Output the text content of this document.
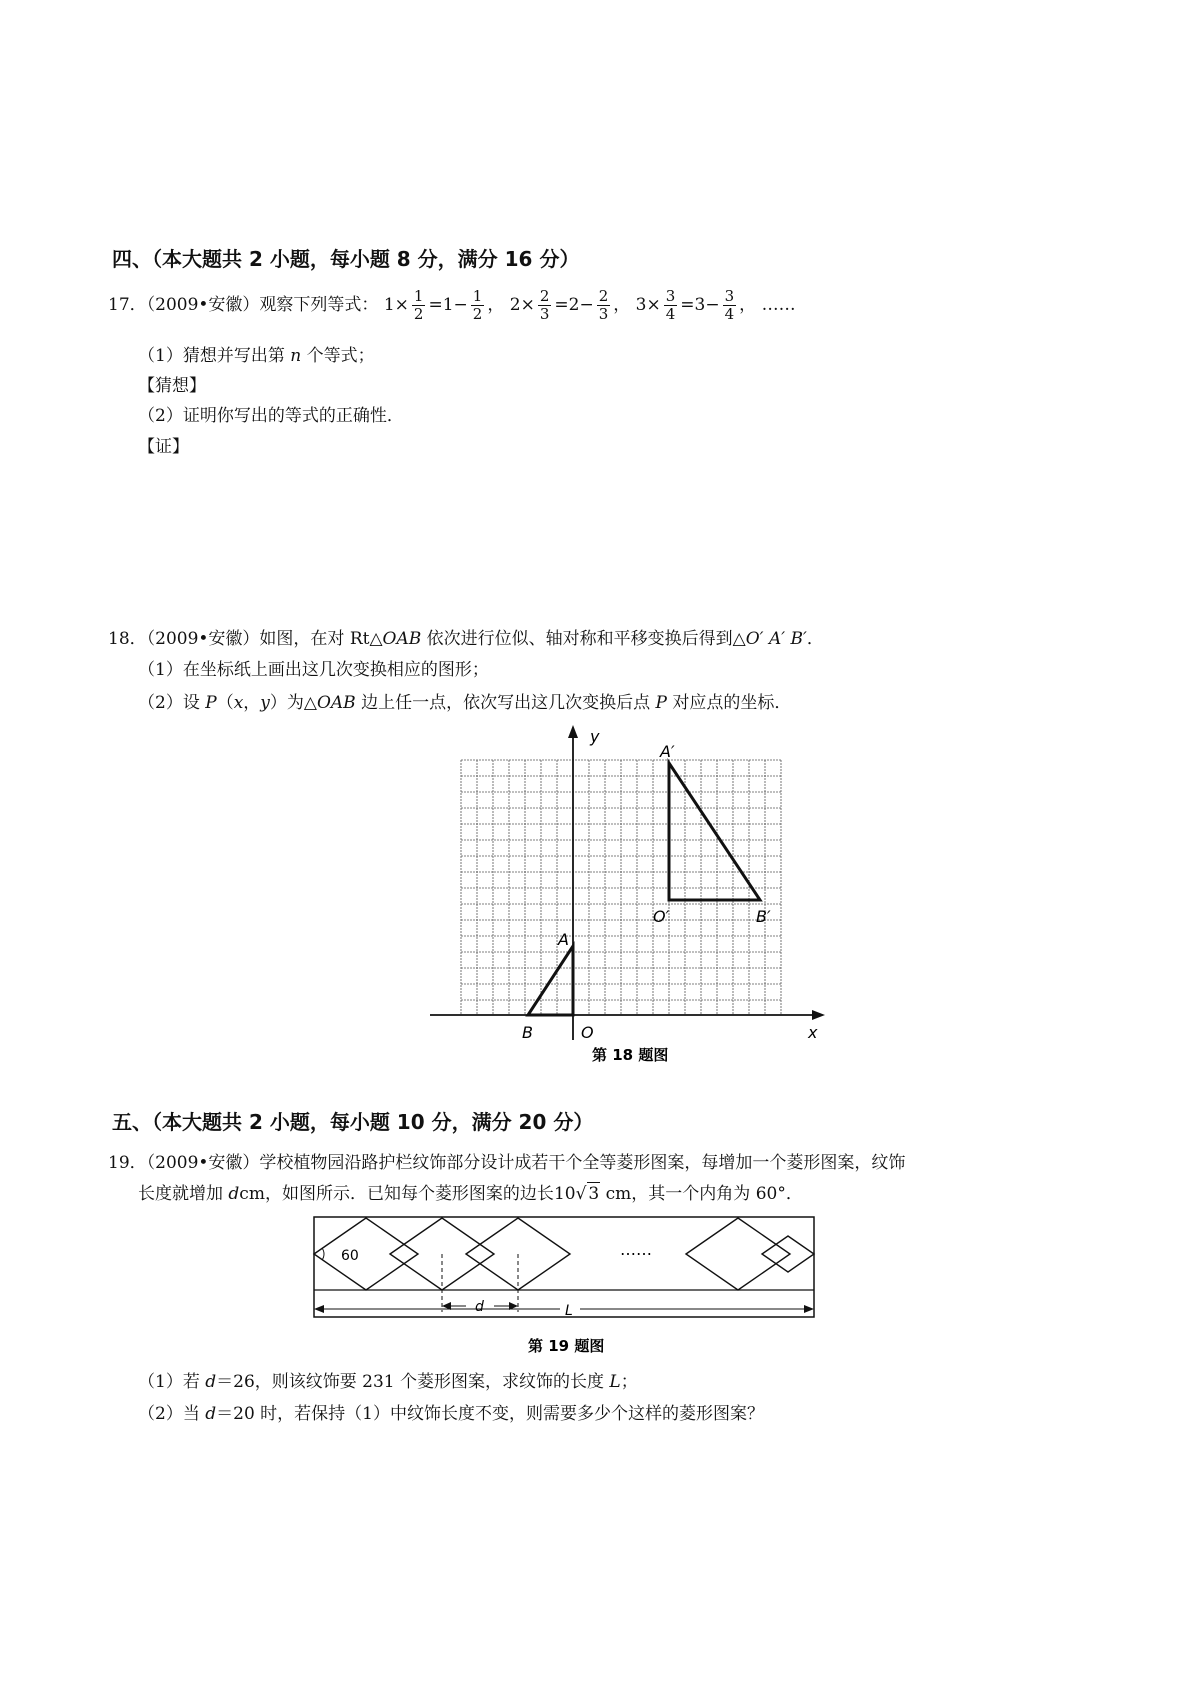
四、（本大题共 2 小题，每小题 8 分，满分 16 分）
17．（2009•安徽）观察下列等式： $1\times \frac{1}{2} =1- \frac{1}{2}$ ， $2\times \frac{2}{3} =2- \frac{2}{3}$ ， $3\times \frac{3}{4} =3- \frac{3}{4}$ ， ……
（1）猜想并写出第 n 个等式；
【猜想】
（2）证明你写出的等式的正确性．
【证】
18．（2009•安徽）如图，在对 Rt△OAB 依次进行位似、轴对称和平移变换后得到△O′ A′ B′．
（1）在坐标纸上画出这几次变换相应的图形；
（2）设 P（x，y）为△OAB 边上任一点，依次写出这几次变换后点 P 对应点的坐标．
y
x
O
A
B
A′
O′	B′
第 18 题图
五、（本大题共 2 小题，每小题 10 分，满分 20 分）
19．（2009•安徽）学校植物园沿路护栏纹饰部分设计成若干个全等菱形图案，每增加一个菱形图案，纹饰
长度就增加 dcm，如图所示．已知每个菱形图案的边长10√ 3 cm，其一个内角为 60°．
60	……
d	L
第 19 题图
（1）若 d＝26，则该纹饰要 231 个菱形图案，求纹饰的长度 L；
（2）当 d＝20 时，若保持（1）中纹饰长度不变，则需要多少个这样的菱形图案？
